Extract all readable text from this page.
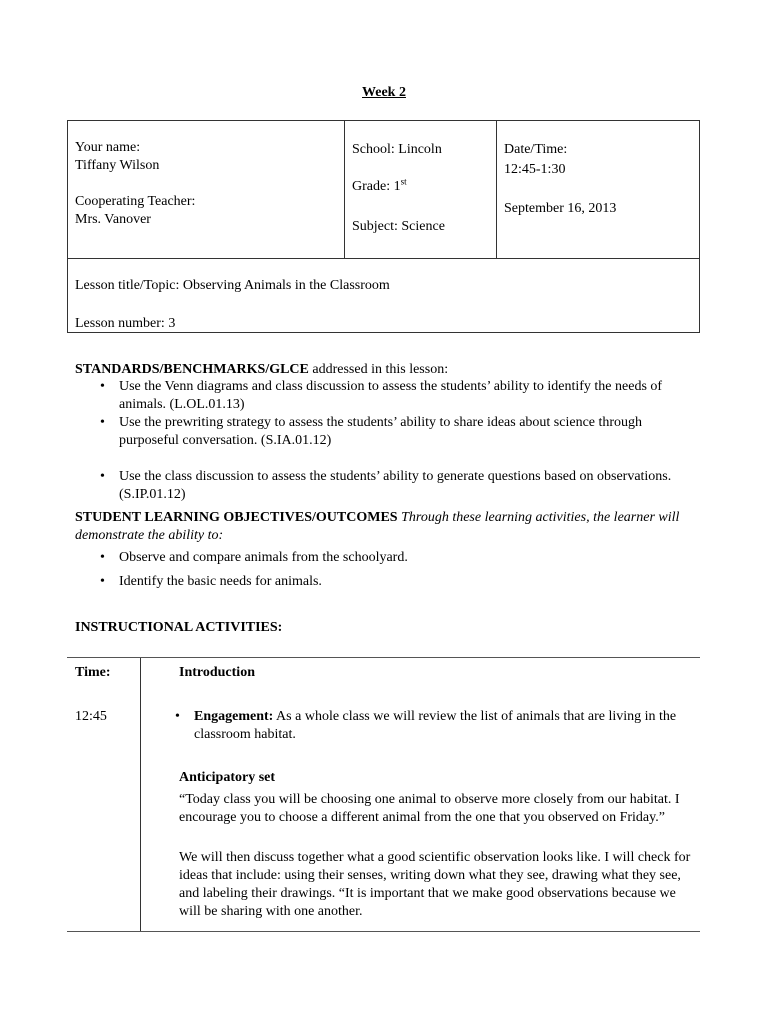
Week 2
Your name:
Tiffany Wilson
Cooperating Teacher:
Mrs. Vanover
School: Lincoln
Grade: 1st
Subject: Science
Date/Time:
12:45-1:30
September 16, 2013
Lesson title/Topic: Observing Animals in the Classroom
Lesson number: 3
STANDARDS/BENCHMARKS/GLCE addressed in this lesson:
• Use the Venn diagrams and class discussion to assess the students’ ability to identify the needs of animals. (L.OL.01.13)
• Use the prewriting strategy to assess the students’ ability to share ideas about science through purposeful conversation. (S.IA.01.12)
• Use the class discussion to assess the students’ ability to generate questions based on observations. (S.IP.01.12)
STUDENT LEARNING OBJECTIVES/OUTCOMES Through these learning activities, the learner will demonstrate the ability to:
• Observe and compare animals from the schoolyard.
• Identify the basic needs for animals.
INSTRUCTIONAL ACTIVITIES:
Time:	Introduction
12:45
•	Engagement: As a whole class we will review the list of animals that are living in the classroom habitat.
Anticipatory set
“Today class you will be choosing one animal to observe more closely from our habitat. I encourage you to choose a different animal from the one that you observed on Friday.”
We will then discuss together what a good scientific observation looks like. I will check for ideas that include: using their senses, writing down what they see, drawing what they see, and labeling their drawings. “It is important that we make good observations because we will be sharing with one another.
